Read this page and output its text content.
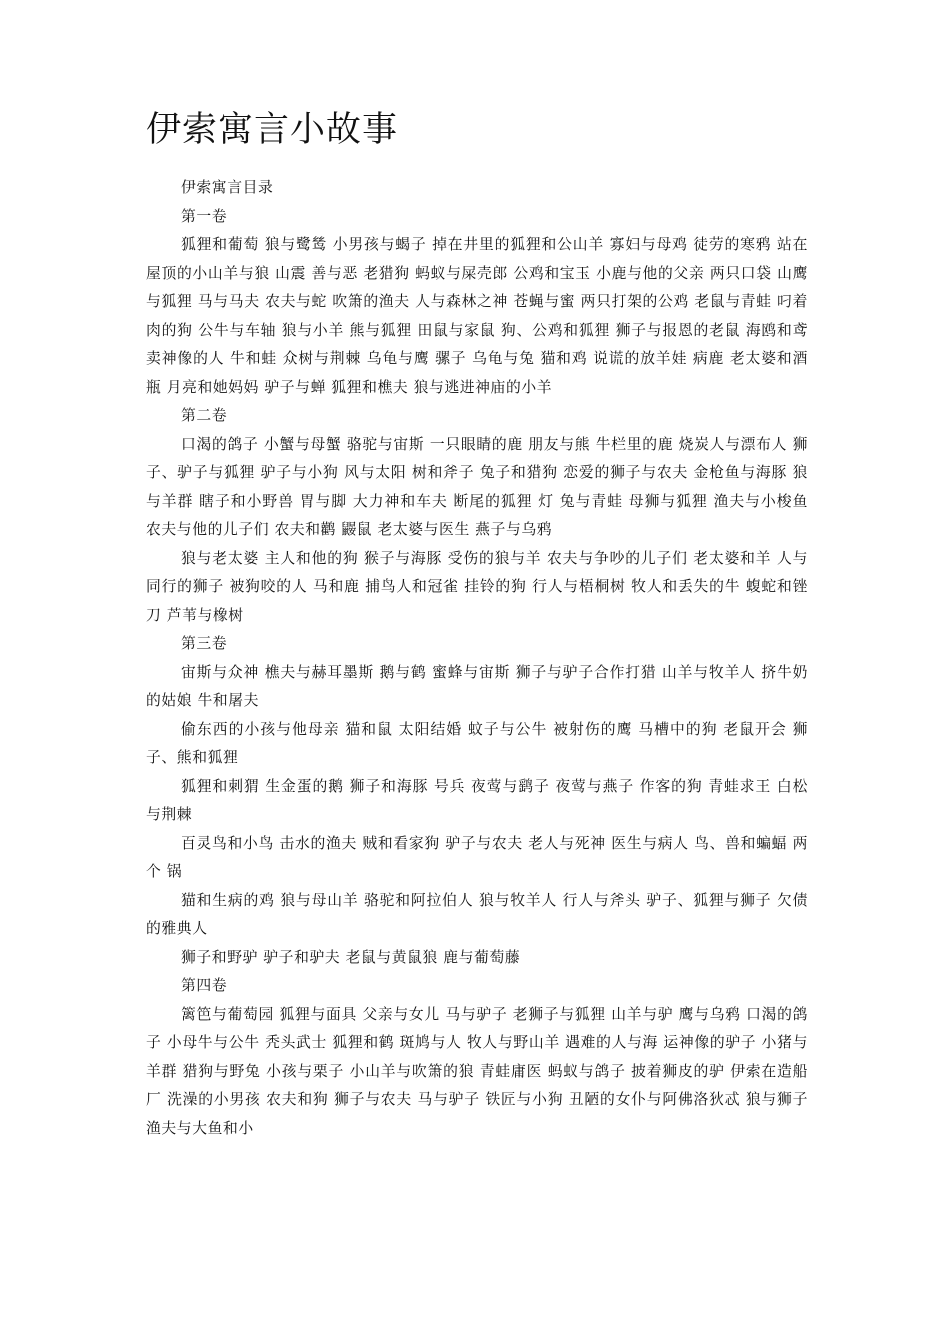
伊索寓言小故事

伊索寓言目录

第一卷

狐狸和葡萄 狼与鹭鸶 小男孩与蝎子 掉在井里的狐狸和公山羊 寡妇与母鸡 徒劳的寒鸦 站在屋顶的小山羊与狼 山震 善与恶 老猎狗 蚂蚁与屎壳郎 公鸡和宝玉 小鹿与他的父亲 两只口袋 山鹰与狐狸 马与马夫 农夫与蛇 吹箫的渔夫 人与森林之神 苍蝇与蜜 两只打架的公鸡 老鼠与青蛙 叼着肉的狗 公牛与车轴 狼与小羊 熊与狐狸 田鼠与家鼠 狗、公鸡和狐狸 狮子与报恩的老鼠 海鸥和鸢 卖神像的人 牛和蛙 众树与荆棘 乌龟与鹰 骡子 乌龟与兔 猫和鸡 说谎的放羊娃 病鹿 老太婆和酒瓶 月亮和她妈妈 驴子与蝉 狐狸和樵夫 狼与逃进神庙的小羊

第二卷

口渴的鸽子 小蟹与母蟹 骆驼与宙斯 一只眼睛的鹿 朋友与熊 牛栏里的鹿 烧炭人与漂布人 狮子、驴子与狐狸 驴子与小狗 风与太阳 树和斧子 兔子和猎狗 恋爱的狮子与农夫 金枪鱼与海豚 狼与羊群 瞎子和小野兽 胃与脚 大力神和车夫 断尾的狐狸 灯 兔与青蛙 母狮与狐狸 渔夫与小梭鱼 农夫与他的儿子们 农夫和鹳 鼹鼠 老太婆与医生 燕子与乌鸦

狼与老太婆 主人和他的狗 猴子与海豚 受伤的狼与羊 农夫与争吵的儿子们 老太婆和羊 人与同行的狮子 被狗咬的人 马和鹿 捕鸟人和冠雀 挂铃的狗 行人与梧桐树 牧人和丢失的牛 蝮蛇和锉刀 芦苇与橡树

第三卷

宙斯与众神 樵夫与赫耳墨斯 鹅与鹤 蜜蜂与宙斯 狮子与驴子合作打猎 山羊与牧羊人 挤牛奶的姑娘 牛和屠夫

偷东西的小孩与他母亲 猫和鼠 太阳结婚 蚊子与公牛 被射伤的鹰 马槽中的狗 老鼠开会 狮子、熊和狐狸

狐狸和刺猬 生金蛋的鹅 狮子和海豚 号兵 夜莺与鹞子 夜莺与燕子 作客的狗 青蛙求王 白松与荆棘

百灵鸟和小鸟 击水的渔夫 贼和看家狗 驴子与农夫 老人与死神 医生与病人 鸟、兽和蝙蝠 两个 锅

猫和生病的鸡 狼与母山羊 骆驼和阿拉伯人 狼与牧羊人 行人与斧头 驴子、狐狸与狮子 欠债的雅典人

狮子和野驴 驴子和驴夫 老鼠与黄鼠狼 鹿与葡萄藤

第四卷

篱笆与葡萄园 狐狸与面具 父亲与女儿 马与驴子 老狮子与狐狸 山羊与驴 鹰与乌鸦 口渴的鸽子 小母牛与公牛 秃头武士 狐狸和鹤 斑鸠与人 牧人与野山羊 遇难的人与海 运神像的驴子 小猪与羊群 猎狗与野兔 小孩与栗子 小山羊与吹箫的狼 青蛙庸医 蚂蚁与鸽子 披着狮皮的驴 伊索在造船厂 洗澡的小男孩 农夫和狗 狮子与农夫 马与驴子 铁匠与小狗 丑陋的女仆与阿佛洛狄忒 狼与狮子 渔夫与大鱼和小
